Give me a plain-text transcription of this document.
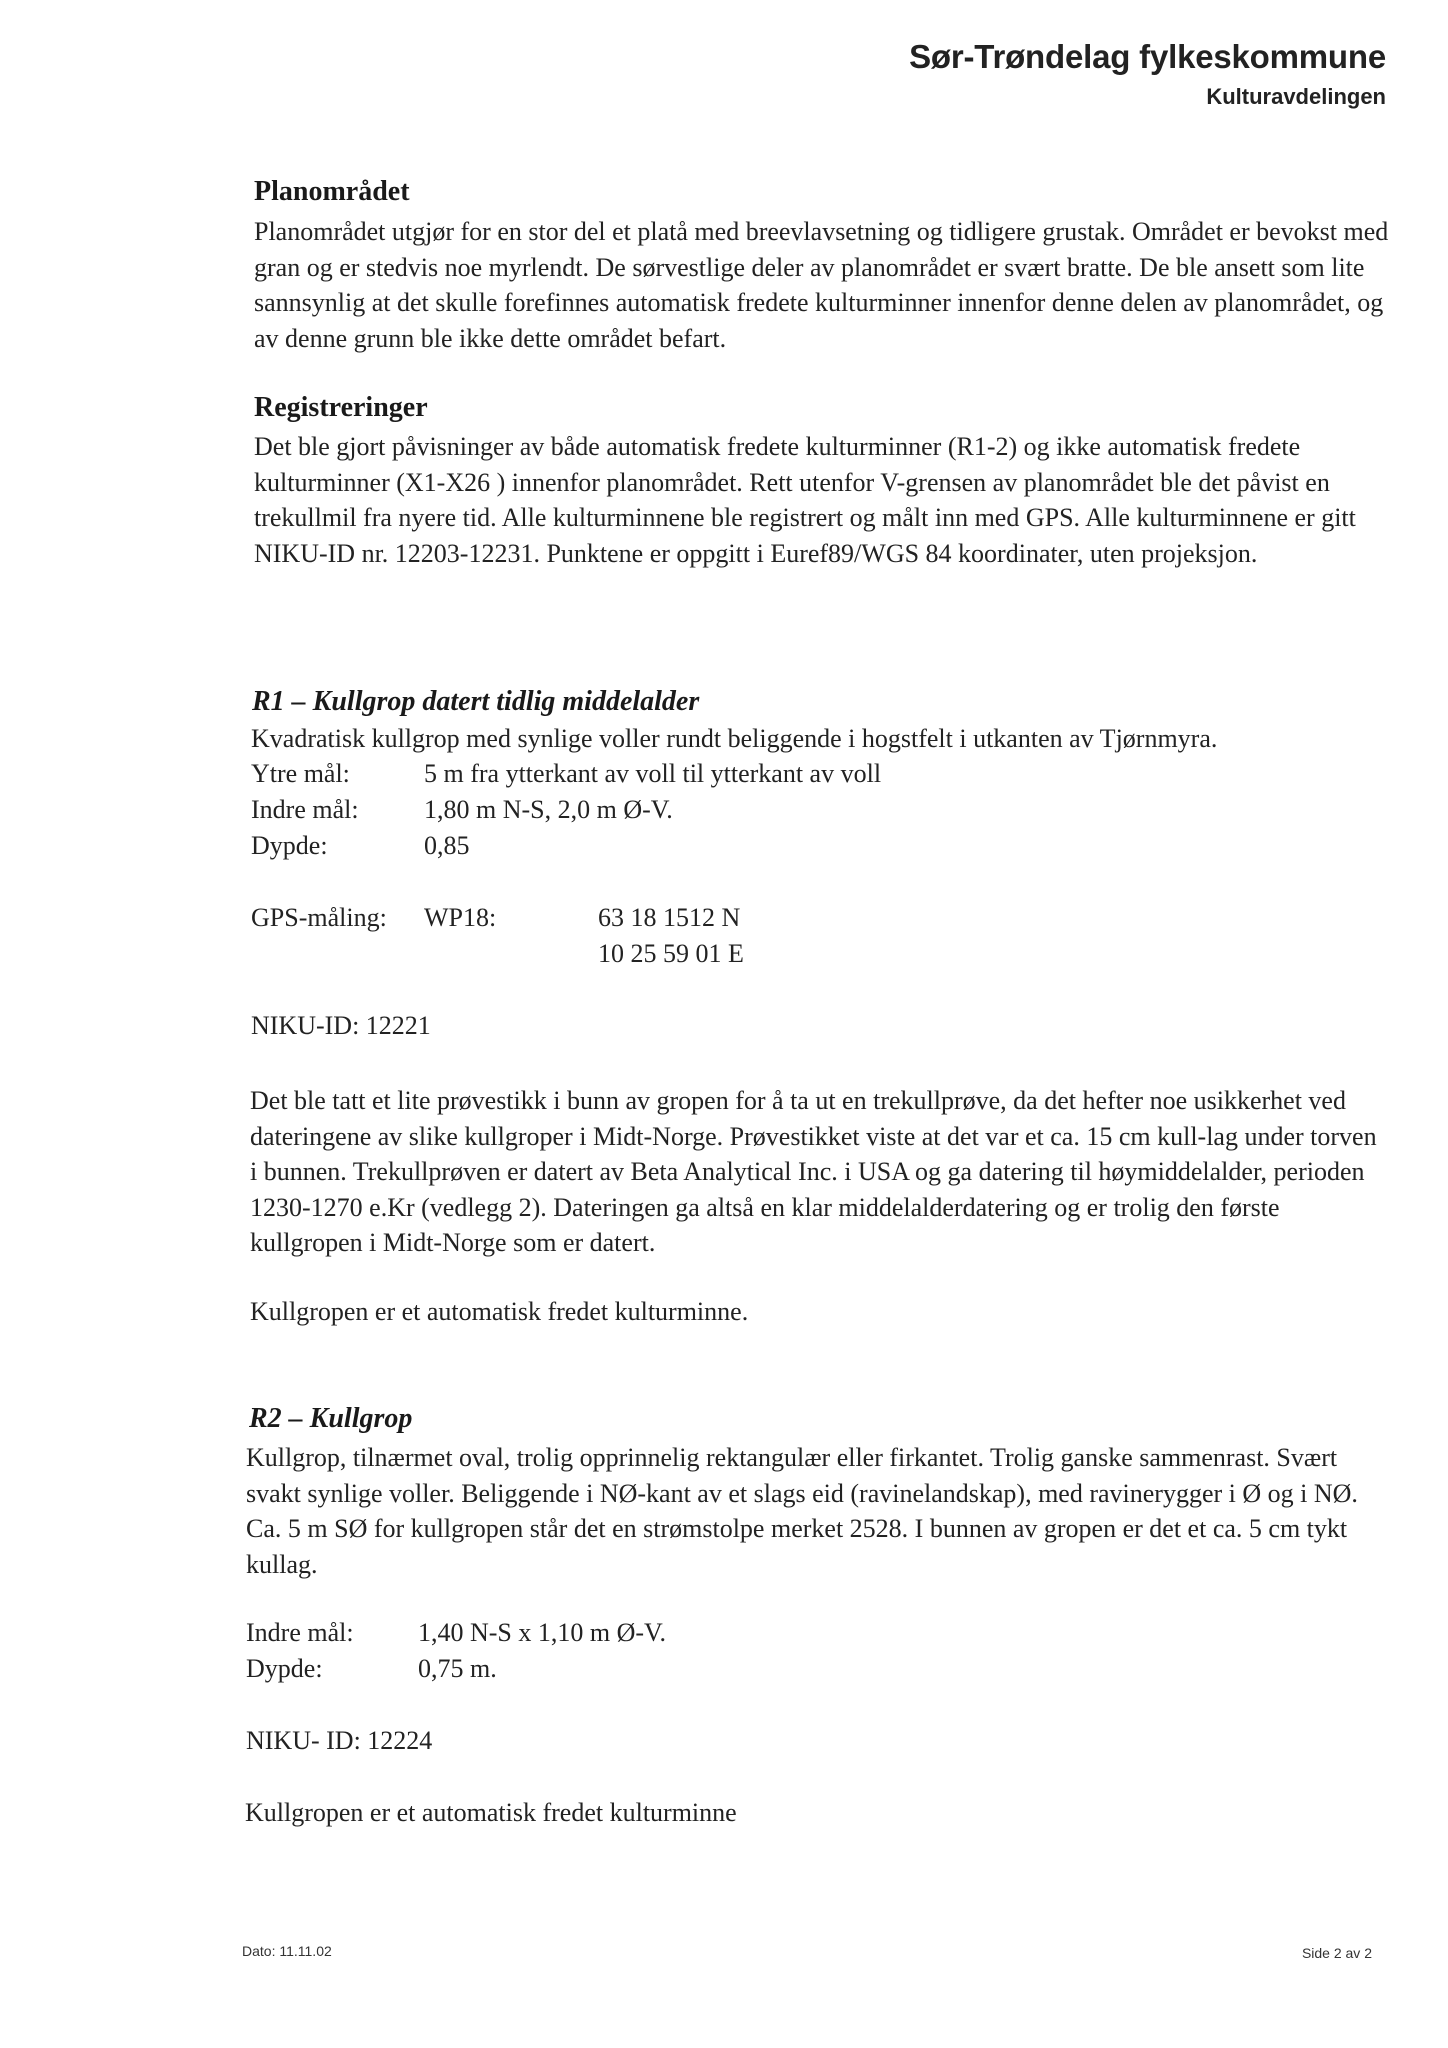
Sør-Trøndelag fylkeskommune
Kulturavdelingen
Planområdet
Planområdet utgjør for en stor del et platå med breevlavsetning og tidligere grustak. Området er bevokst med gran og er stedvis noe myrlendt. De sørvestlige deler av planområdet er svært bratte. De ble ansett som lite sannsynlig at det skulle forefinnes automatisk fredete kulturminner innenfor denne delen av planområdet, og av denne grunn ble ikke dette området befart.
Registreringer
Det ble gjort påvisninger av både automatisk fredete kulturminner (R1-2) og ikke automatisk fredete kulturminner (X1-X26 ) innenfor planområdet. Rett utenfor V-grensen av planområdet ble det påvist en trekullmil fra nyere tid. Alle kulturminnene ble registrert og målt inn med GPS. Alle kulturminnene er gitt NIKU-ID nr. 12203-12231. Punktene er oppgitt i Euref89/WGS 84 koordinater, uten projeksjon.
R1 – Kullgrop datert tidlig middelalder
Kvadratisk kullgrop med synlige voller rundt beliggende i hogstfelt i utkanten av Tjørnmyra.
Ytre mål:	5 m fra ytterkant av voll til ytterkant av voll
Indre mål:	1,80 m N-S, 2,0 m Ø-V.
Dypde:	0,85
GPS-måling: WP18:	63 18 1512 N
10 25 59 01 E
NIKU-ID: 12221
Det ble tatt et lite prøvestikk i bunn av gropen for å ta ut en trekullprøve, da det hefter noe usikkerhet ved dateringene av slike kullgroper i Midt-Norge. Prøvestikket viste at det var et ca. 15 cm kull-lag under torven i bunnen. Trekullprøven er datert av Beta Analytical Inc. i USA og ga datering til høymiddelalder, perioden 1230-1270 e.Kr (vedlegg 2). Dateringen ga altså en klar middelalderdatering og er trolig den første kullgropen i Midt-Norge som er datert.
Kullgropen er et automatisk fredet kulturminne.
R2 – Kullgrop
Kullgrop, tilnærmet oval, trolig opprinnelig rektangulær eller firkantet. Trolig ganske sammenrast. Svært svakt synlige voller. Beliggende i NØ-kant av et slags eid (ravinelandskap), med ravinerygger i Ø og i NØ. Ca. 5 m SØ for kullgropen står det en strømstolpe merket 2528. I bunnen av gropen er det et ca. 5 cm tykt kullag.
Indre mål: 1,40 N-S x 1,10 m Ø-V.
Dypde:	0,75 m.
NIKU- ID: 12224
Kullgropen er et automatisk fredet kulturminne
Dato: 11.11.02	Side 2 av 2
